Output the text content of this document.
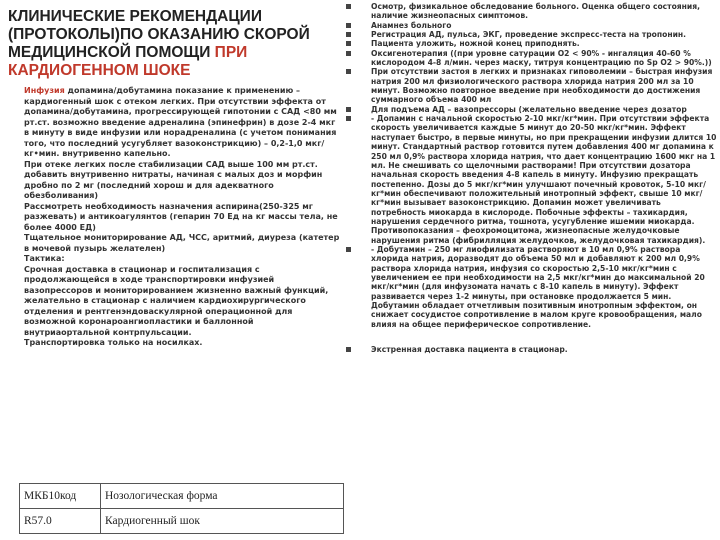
КЛИНИЧЕСКИЕ РЕКОМЕНДАЦИИ (ПРОТОКОЛЫ)ПО ОКАЗАНИЮ СКОРОЙ МЕДИЦИНСКОЙ ПОМОЩИ ПРИ КАРДИОГЕННОМ ШОКЕ

Инфузия допамина/добутамина показание к применению – кардиогенный шок с отеком легких. При отсутствии эффекта от допамина/добутамина, прогрессирующей гипотонии с САД <80 мм рт.ст. возможно введение адреналина (эпинефрин) в дозе 2-4 мкг в минуту в виде инфузии или норадреналина (с учетом понимания того, что последний усугубляет вазоконстрикцию) – 0,2-1,0 мкг/кг•мин. внутривенно капельно.

При отеке легких после стабилизации САД выше 100 мм рт.ст. добавить внутривенно нитраты, начиная с малых доз и морфин дробно по 2 мг (последний хорош и для адекватного обезболивания)

Рассмотреть необходимость назначения аспирина(250-325 мг разжевать) и антикоагулянтов (гепарин 70 Ед на кг массы тела, не более 4000 ЕД)

Тщательное мониторирование АД, ЧСС, аритмий, диуреза (катетер в мочевой пузырь желателен)

Тактика:

Срочная доставка в стационар и госпитализация с продолжающейся в ходе транспортировки инфузией вазопрессоров и мониторированием жизненно важный функций, желательно в стационар с наличием кардиохирургического отделения и рентгенэндоваскулярной операционной для возможной коронароангиопластики и баллонной внутриаортальной контрпульсации.

Транспортировка только на носилках.

МКБ10код	Нозологическая форма
R57.0	Кардиогенный шок
Осмотр, физикальное обследование больного. Оценка общего состояния, наличие жизнеопасных симптомов.
Анамнез больного
Регистрация АД, пульса, ЭКГ, проведение экспресс-теста на тропонин.
Пациента уложить, ножной конец приподнять.
Оксигенотерапия ((при уровне сатурации О2 < 90% - ингаляция 40-60 % кислородом 4-8 л/мин. через маску, титруя концентрацию по Sp O2 > 90%.))
При отсутствии застоя в легких и признаках гиповолемии – быстрая инфузия натрия 200 мл физиологического раствора хлорида натрия 200 мл за 10 минут. Возможно повторное введение при необходимости до достижения суммарного объема 400 мл
Для подъема АД – вазопрессоры (желательно введение через дозатор
- Допамин с начальной скоростью 2-10 мкг/кг*мин. При отсутствии эффекта скорость увеличивается каждые 5 минут до 20-50 мкг/кг*мин. Эффект наступает быстро, в первые минуты, но при прекращении инфузии длится 10 минут. Стандартный раствор готовится путем добавления 400 мг допамина к 250 мл 0,9% раствора хлорида натрия, что дает концентрацию 1600 мкг на 1 мл. Не смешивать со щелочными растворами! При отсутствии дозатора начальная скорость введения 4-8 капель в минуту. Инфузию прекращать постепенно. Дозы до 5 мкг/кг*мин улучшают почечный кровоток, 5-10 мкг/кг*мин обеспечивают положительный инотропный эффект, свыше 10 мкг/кг*мин вызывает вазоконстрикцию. Допамин может увеличивать потребность миокарда в кислороде. Побочные эффекты – тахикардия, нарушения сердечного ритма, тошнота, усугубление ишемии миокарда. Противопоказания – феохромоцитома, жизнеопасные желудочковые нарушения ритма (фибрилляция желудочков, желудочковая тахикардия).
- Добутамин – 250 мг лиофилизата растворяют в 10 мл 0,9% раствора хлорида натрия, доразводят до объема 50 мл и добавляют к 200 мл 0,9% раствора хлорида натрия, инфузия со скоростью 2,5-10 мкг/кг*мин с увеличением ее при необходимости на 2,5 мкг/кг*мин до максимальной 20 мкг/кг*мин (для инфузомата начать с 8-10 капель в минуту). Эффект развивается через 1-2 минуты, при остановке продолжается 5 мин. Добутамин обладает отчетливым позитивным инотропным эффектом, он снижает сосудистое сопротивление в малом круге кровообращения, мало влияя на общее периферическое сопротивление.
Экстренная доставка пациента в стационар.
